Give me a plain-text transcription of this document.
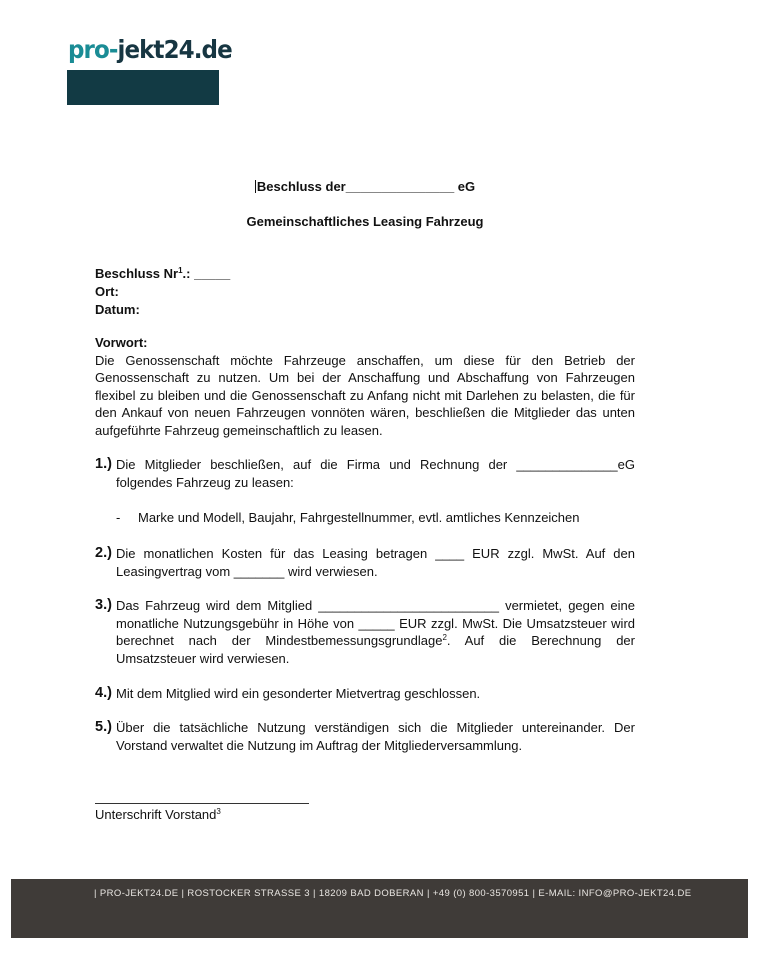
pro-jekt24.de
Beschluss der_______________ eG
Gemeinschaftliches Leasing Fahrzeug
Beschluss Nr$^1$.: _____
Ort:
Datum:
Vorwort:
Die Genossenschaft möchte Fahrzeuge anschaffen, um diese für den Betrieb der Genossenschaft zu nutzen. Um bei der Anschaffung und Abschaffung von Fahrzeugen flexibel zu bleiben und die Genossenschaft zu Anfang nicht mit Darlehen zu belasten, die für den Ankauf von neuen Fahrzeugen vonnöten wären, beschließen die Mitglieder das unten aufgeführte Fahrzeug gemeinschaftlich zu leasen.
1.) Die Mitglieder beschließen, auf die Firma und Rechnung der ______________eG folgendes Fahrzeug zu leasen:
- Marke und Modell, Baujahr, Fahrgestellnummer, evtl. amtliches Kennzeichen
2.) Die monatlichen Kosten für das Leasing betragen ____ EUR zzgl. MwSt. Auf den Leasingvertrag vom _______ wird verwiesen.
3.) Das Fahrzeug wird dem Mitglied _________________________ vermietet, gegen eine monatliche Nutzungsgebühr in Höhe von _____ EUR zzgl. MwSt. Die Umsatzsteuer wird berechnet nach der Mindestbemessungsgrundlage$^2$. Auf die Berechnung der Umsatzsteuer wird verwiesen.
4.) Mit dem Mitglied wird ein gesonderter Mietvertrag geschlossen.
5.) Über die tatsächliche Nutzung verständigen sich die Mitglieder untereinander. Der Vorstand verwaltet die Nutzung im Auftrag der Mitgliederversammlung.
Unterschrift Vorstand$^3$
| PRO-JEKT24.DE | ROSTOCKER STRASSE 3 | 18209 BAD DOBERAN | +49 (0) 800-3570951 | E-MAIL: INFO@PRO-JEKT24.DE
